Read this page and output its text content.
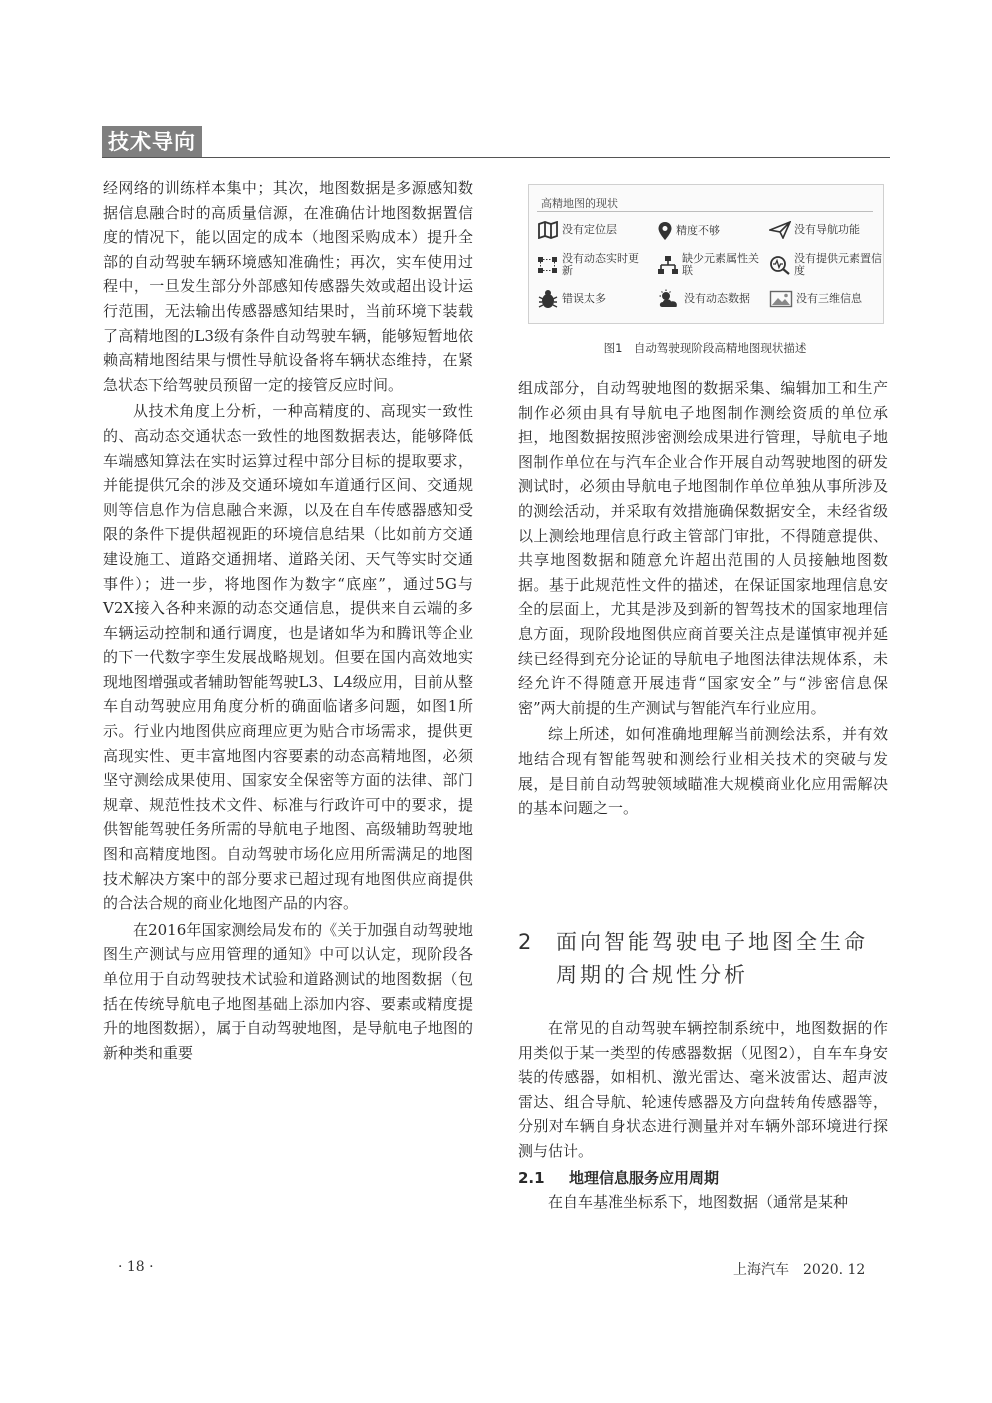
技术导向

经网络的训练样本集中；其次，地图数据是多源感知数据信息融合时的高质量信源，在准确估计地图数据置信度的情况下，能以固定的成本（地图采购成本）提升全部的自动驾驶车辆环境感知准确性；再次，实车使用过程中，一旦发生部分外部感知传感器失效或超出设计运行范围，无法输出传感器感知结果时，当前环境下装载了高精地图的L3级有条件自动驾驶车辆，能够短暂地依赖高精地图结果与惯性导航设备将车辆状态维持，在紧急状态下给驾驶员预留一定的接管反应时间。

从技术角度上分析，一种高精度的、高现实一致性的、高动态交通状态一致性的地图数据表达，能够降低车端感知算法在实时运算过程中部分目标的提取要求，并能提供冗余的涉及交通环境如车道通行区间、交通规则等信息作为信息融合来源，以及在自车传感器感知受限的条件下提供超视距的环境信息结果（比如前方交通建设施工、道路交通拥堵、道路关闭、天气等实时交通事件）；进一步，将地图作为数字“底座”，通过5G与V2X接入各种来源的动态交通信息，提供来自云端的多车辆运动控制和通行调度，也是诸如华为和腾讯等企业的下一代数字孪生发展战略规划。但要在国内高效地实现地图增强或者辅助智能驾驶L3、L4级应用，目前从整车自动驾驶应用角度分析的确面临诸多问题，如图1所示。行业内地图供应商理应更为贴合市场需求，提供更高现实性、更丰富地图内容要素的动态高精地图，必须坚守测绘成果使用、国家安全保密等方面的法律、部门规章、规范性技术文件、标准与行政许可中的要求，提供智能驾驶任务所需的导航电子地图、高级辅助驾驶地图和高精度地图。自动驾驶市场化应用所需满足的地图技术解决方案中的部分要求已超过现有地图供应商提供的合法合规的商业化地图产品的内容。

在2016年国家测绘局发布的《关于加强自动驾驶地图生产测试与应用管理的通知》中可以认定，现阶段各单位用于自动驾驶技术试验和道路测试的地图数据（包括在传统导航电子地图基础上添加内容、要素或精度提升的地图数据），属于自动驾驶地图，是导航电子地图的新种类和重要

高精地图的现状
没有定位层	精度不够	没有导航功能
没有动态实时更新
缺少元素属性关联
没有提供元素置信度
错误太多	没有动态数据	没有三维信息
图1　自动驾驶现阶段高精地图现状描述

组成部分，自动驾驶地图的数据采集、编辑加工和生产制作必须由具有导航电子地图制作测绘资质的单位承担，地图数据按照涉密测绘成果进行管理，导航电子地图制作单位在与汽车企业合作开展自动驾驶地图的研发测试时，必须由导航电子地图制作单位单独从事所涉及的测绘活动，并采取有效措施确保数据安全，未经省级以上测绘地理信息行政主管部门审批，不得随意提供、共享地图数据和随意允许超出范围的人员接触地图数据。基于此规范性文件的描述，在保证国家地理信息安全的层面上，尤其是涉及到新的智驾技术的国家地理信息方面，现阶段地图供应商首要关注点是谨慎审视并延续已经得到充分论证的导航电子地图法律法规体系，未经允许不得随意开展违背“国家安全”与“涉密信息保密”两大前提的生产测试与智能汽车行业应用。

综上所述，如何准确地理解当前测绘法系，并有效地结合现有智能驾驶和测绘行业相关技术的突破与发展，是目前自动驾驶领域瞄准大规模商业化应用需解决的基本问题之一。

2 面向智能驾驶电子地图全生命周期的合规性分析

在常见的自动驾驶车辆控制系统中，地图数据的作用类似于某一类型的传感器数据（见图2），自车车身安装的传感器，如相机、激光雷达、毫米波雷达、超声波雷达、组合导航、轮速传感器及方向盘转角传感器等，分别对车辆自身状态进行测量并对车辆外部环境进行探测与估计。

2.1 地理信息服务应用周期

在自车基准坐标系下，地图数据（通常是某种

· 18 ·	上海汽车　2020. 12
